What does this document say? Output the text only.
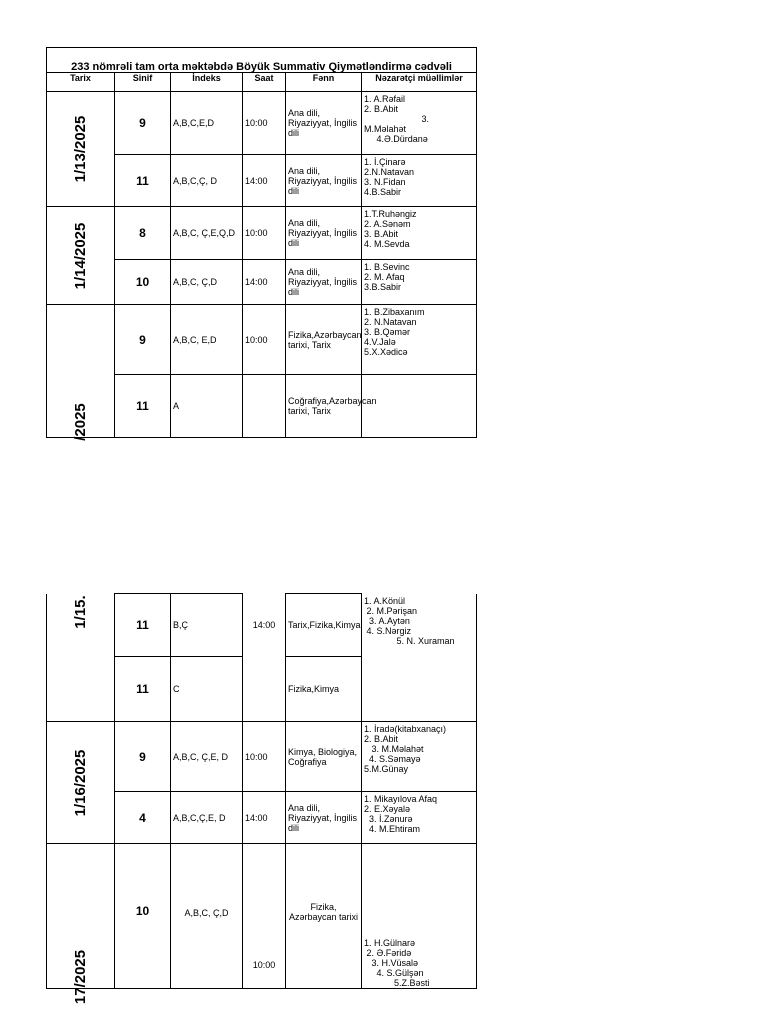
233 nömrəli tam orta məktəbdə Böyük Summativ Qiymətləndirmə cədvəli					
Tarix	Sinif	İndeks	Saat	Fənn	Nəzarətçi müəllimlər

1/13/2025	9	A,B,C,E,D	10:00	Ana dili, Riyaziyyat, İngilis dili	1. A.Rəfail
2. B.Abit
3.
M.Məlahət
4.Ə.Dürdanə
	11	A,B,C,Ç, D	14:00	Ana dili, Riyaziyyat, İngilis dili	1. İ.Çinarə
2.N.Natavan
3. N.Fidan
4.B.Sabir

1/14/2025	8	A,B,C, Ç,E,Q,D	10:00	Ana dili, Riyaziyyat, İngilis dili	1.T.Ruhəngiz
2. A.Sənəm
3. B.Abit
4. M.Sevda
	10	A,B,C, Ç,D	14:00	Ana dili, Riyaziyyat, İngilis dili	1. B.Sevinc
2. M. Afaq
3.B.Sabir

/2025	9	A,B,C, E,D	10:00	Fizika,Azərbaycan tarixi, Tarix	1. B.Zibaxanım
2. N.Natavan
3. B.Qəmər
4.V.Jalə
5.X.Xədicə
	11	A		Coğrafiya,Azərbaycan tarixi, Tarix	
1/15.	11	B,Ç	14:00	Tarix,Fizika,Kimya	1. A.Könül
2. M.Pərişan
3. A.Aytən
4. S.Nərgiz
5. N. Xuraman
	11	C		Fizika,Kimya	

1/16/2025	9	A,B,C, Ç,E, D	10:00	Kimya, Biologiya, Coğrafiya	1. İradə(kitabxanaçı)
2. B.Abit
3. M.Məlahət
4. S.Səmayə
5.M.Günay
	4	A,B,C,Ç,E, D	14:00	Ana dili, Riyaziyyat, İngilis dili	1. Mikayılova Afaq
2. E.Xəyalə
3. İ.Zənurə
4. M.Ehtiram

17/2025	10	A,B,C, Ç,D	10:00	Fizika, Azərbaycan tarixi	1. H.Gülnarə
2. Ə.Fəridə
3. H.Vüsalə
4. S.Gülşən
5.Z.Bəsti
